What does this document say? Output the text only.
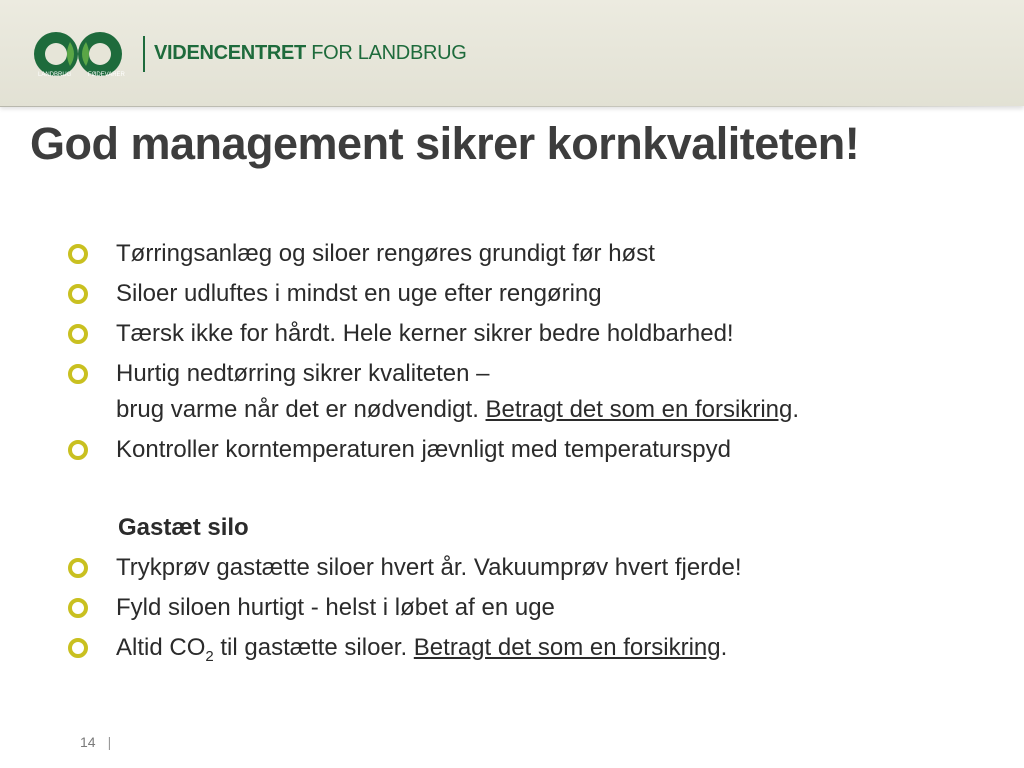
LANDBRUG	FØDEVARER
VIDENCENTRET FOR LANDBRUG
God management sikrer kornkvaliteten!
Tørringsanlæg og siloer rengøres grundigt før høst
Siloer udluftes i mindst en uge efter rengøring
Tærsk ikke for hårdt. Hele kerner sikrer bedre holdbarhed!
Hurtig nedtørring sikrer kvaliteten –
brug varme når det er nødvendigt. Betragt det som en forsikring.
Kontroller korntemperaturen jævnligt med temperaturspyd
Gastæt silo
Trykprøv gastætte siloer hvert år. Vakuumprøv hvert fjerde!
Fyld siloen hurtigt - helst i løbet af en uge
Altid $CO_2$ til gastætte siloer. Betragt det som en forsikring.
14 |
